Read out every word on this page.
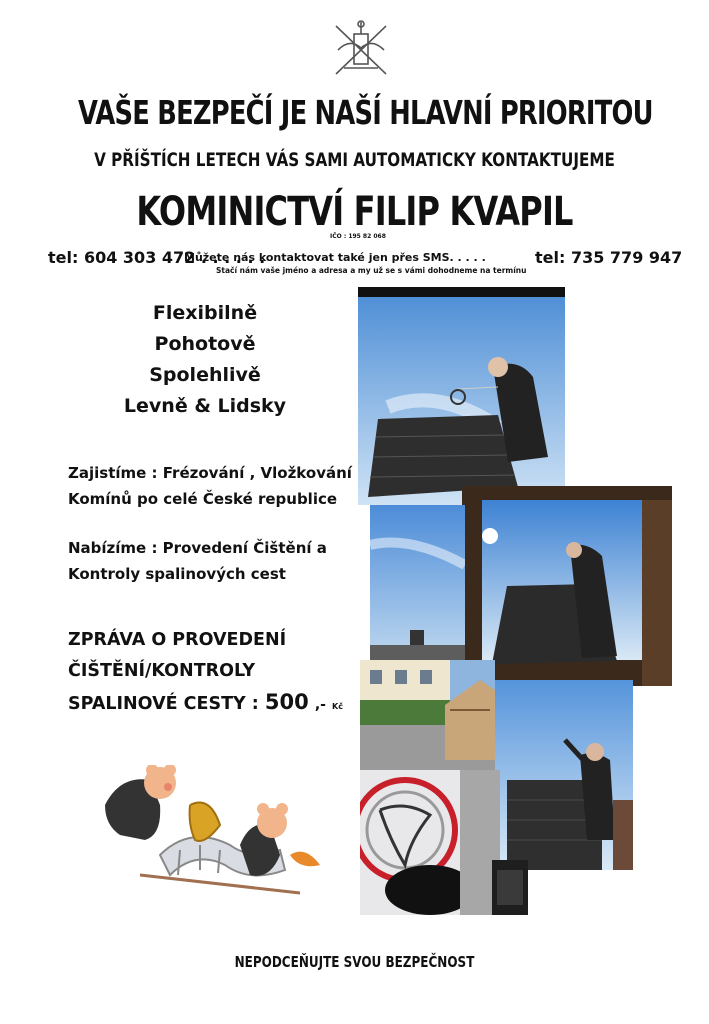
VAŠE BEZPEČÍ JE NAŠÍ HLAVNÍ PRIORITOU
V PŘÍŠTÍCH LETECH VÁS SAMI AUTOMATICKY KONTAKTUJEME
KOMINICTVÍ FILIP KVAPIL
IČO : 195 82 068
tel: 604 303 472 . . . . . .
Můžete nás kontaktovat také jen přes SMS. . . . .	tel: 735 779 947
Stačí nám vaše jméno a adresa a my už se s vámi dohodneme na termínu
Flexibilně
Pohotově
Spolehlivě
Levně & Lidsky
Zajistíme : Frézování , Vložkování
Komínů po celé České republice
Nabízíme : Provedení Čištění a
Kontroly spalinových cest
ZPRÁVA O PROVEDENÍ
ČIŠTĚNÍ/KONTROLY
SPALINOVÉ CESTY : 500 ,- Kč
NEPODCEŇUJTE SVOU BEZPEČNOST
